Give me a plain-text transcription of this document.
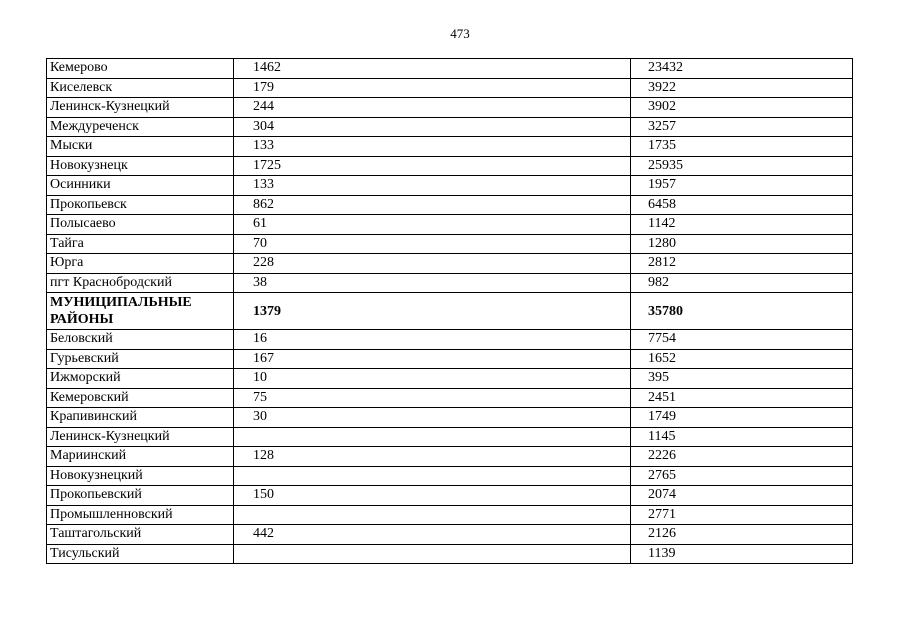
473
Кемерово	1462	23432
Киселевск	179	3922
Ленинск-Кузнецкий	244	3902
Междуреченск	304	3257
Мыски	133	1735
Новокузнецк	1725	25935
Осинники	133	1957
Прокопьевск	862	6458
Полысаево	61	1142
Тайга	70	1280
Юрга	228	2812
пгт Краснобродский	38	982
МУНИЦИПАЛЬНЫЕ РАЙОНЫ	1379	35780
Беловский	16	7754
Гурьевский	167	1652
Ижморский	10	395
Кемеровский	75	2451
Крапивинский	30	1749
Ленинск-Кузнецкий		1145
Мариинский	128	2226
Новокузнецкий		2765
Прокопьевский	150	2074
Промышленновский		2771
Таштагольский	442	2126
Тисульский		1139
